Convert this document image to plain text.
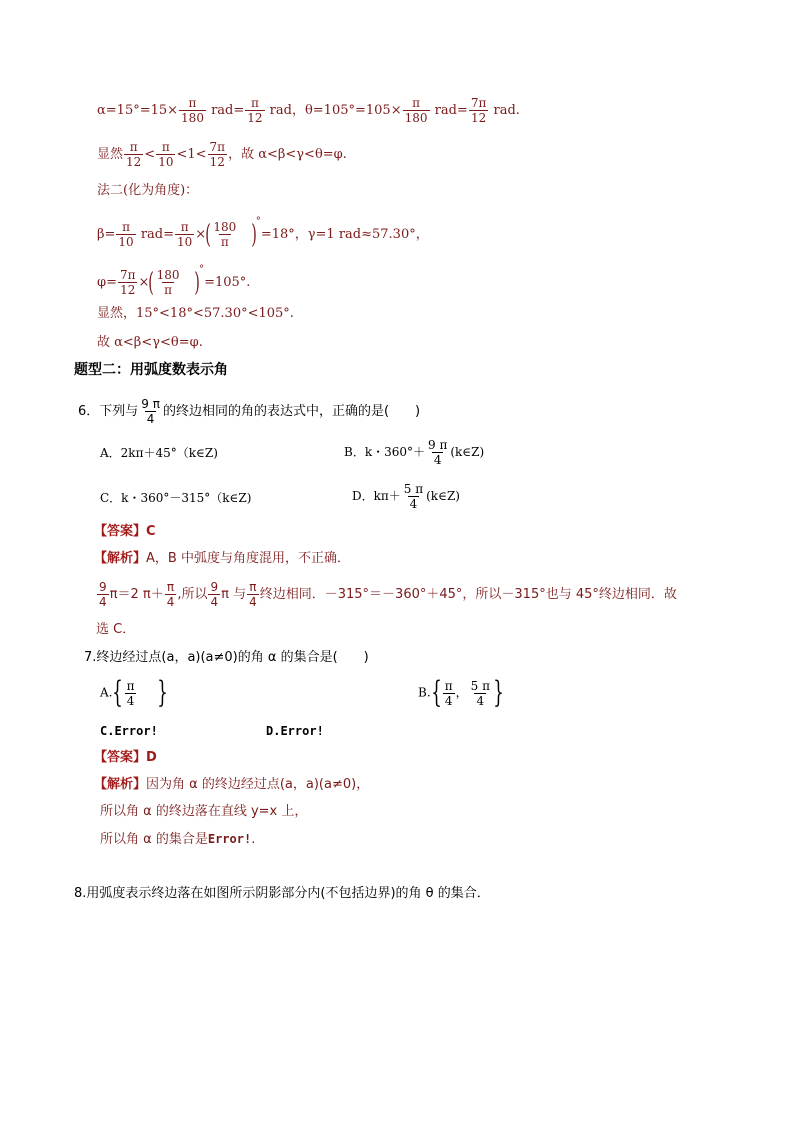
$\alpha=15^\circ=15\times \frac{\pi}{180} rad= \frac{\pi}{12}$ rad，$\theta=105^\circ=105\times \frac{\pi}{180} rad= \frac{7\pi}{12}$ rad.
显然 $\frac{\pi}{12} < \frac{\pi}{10} <1< \frac{7\pi}{12}$ ，故 α<β<γ<θ=φ.
法二(化为角度)：
$\beta= \frac{\pi}{10} rad= \frac{\pi}{10}$ ×( $\frac{180}{\pi} )^\circ=18^\circ$，γ=1 rad≈57.30°，
$\varphi= \frac{7\pi}{12}$ ×( $\frac{180}{\pi} )^\circ=105^\circ$.
显然，15°<18°<57.30°<105°.
故 α<β<γ<θ=φ.
题型二：用弧度数表示角
6．下列与 $\frac{9 \pi}{4}$ 的终边相同的角的表达式中，正确的是(　　)
A．2kπ＋45°（k∈Z)	B．k・$360^\circ+ \frac{9 \pi}{4}$ (k∈Z)
C．k・360°－315°（k∈Z)	D．$k\pi+ \frac{5 \pi}{4}$ (k∈Z)
【答案】C
【解析】A，B 中弧度与角度混用，不正确．
$\frac{9}{4} \pi=2$ $\pi+ \frac{\pi}{4}$ ,所以 $\frac{9}{4}$ π 与 $\frac{\pi}{4}$ 终边相同．－315°＝－360°＋45°，所以－315°也与 45°终边相同．故
选 C．
7.终边经过点(a，a)(a≠0)的角 α 的集合是(　　)
$A.\{ \frac{\pi}{4}$ }	$B.\{ \frac{\pi}{4}$ ， $\frac{5 \pi}{4}$ }
C.Error!	D.Error!
【答案】D
【解析】因为角 α 的终边经过点(a，a)(a≠0)，
所以角 α 的终边落在直线 y=x 上，
所以角 α 的集合是Error!.
8.用弧度表示终边落在如图所示阴影部分内(不包括边界)的角 θ 的集合．
